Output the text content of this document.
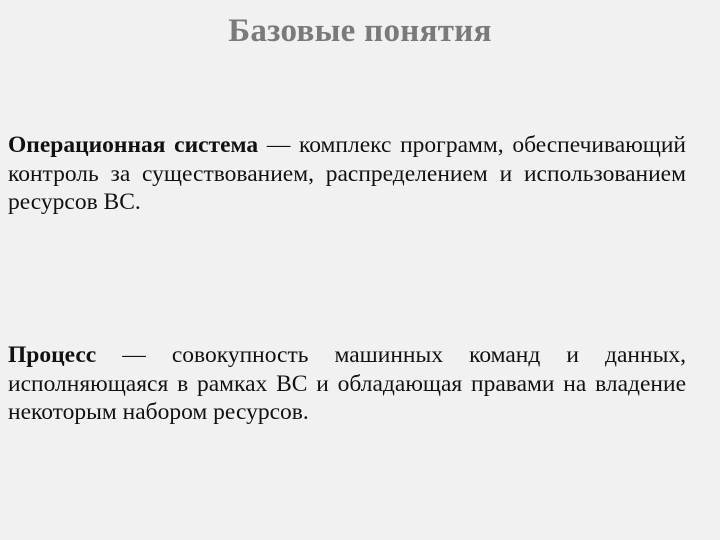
Базовые понятия

Операционная система — комплекс программ, обеспечивающий контроль за существованием, распределением и использованием ресурсов ВС.

Процесс — совокупность машинных команд и данных, исполняющаяся в рамках ВС и обладающая правами на владение некоторым набором ресурсов.
